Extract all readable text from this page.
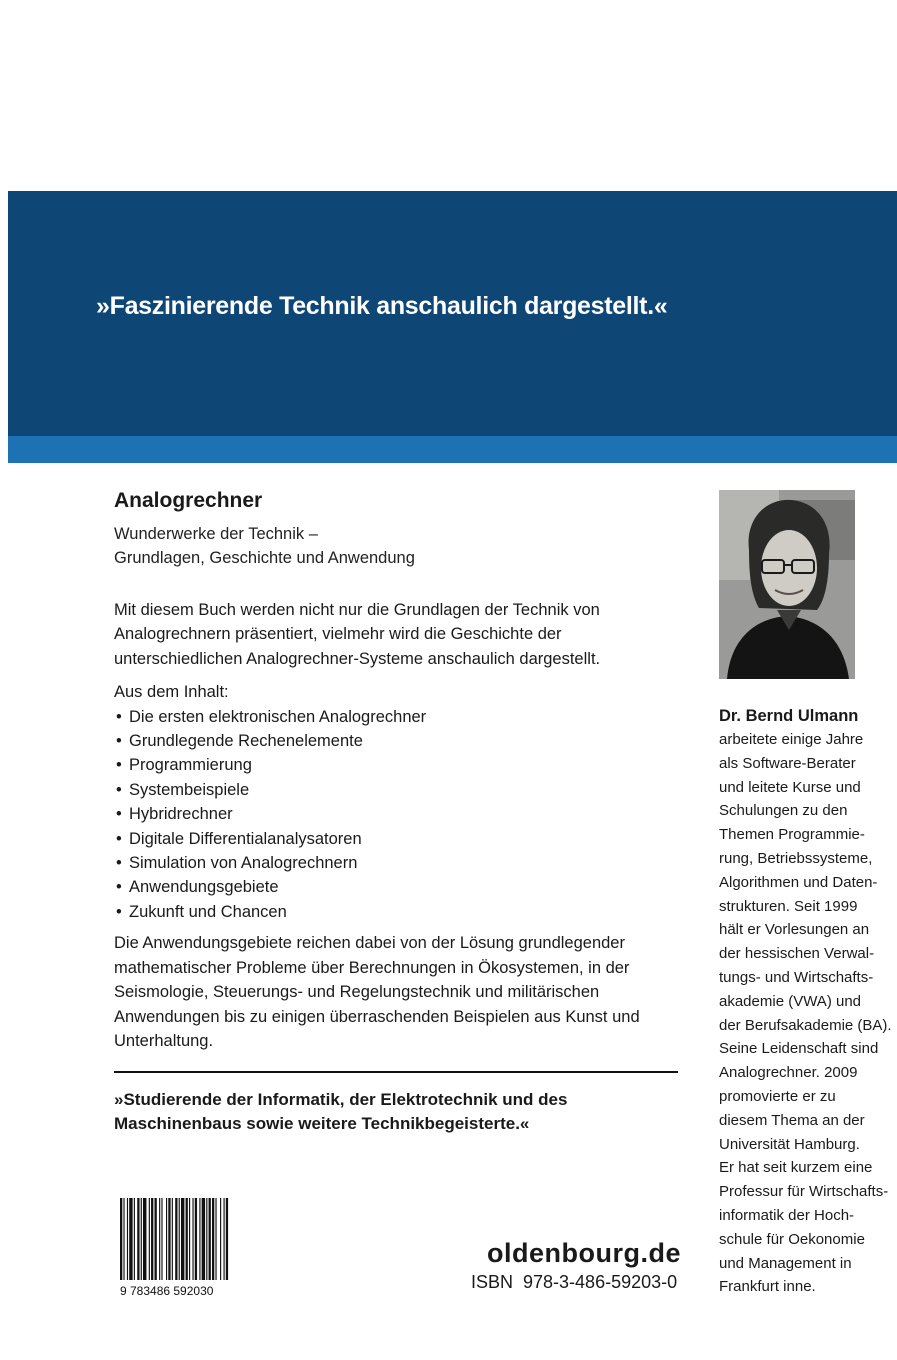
»Faszinierende Technik anschaulich dargestellt.«
Analogrechner
Wunderwerke der Technik –
Grundlagen, Geschichte und Anwendung

Mit diesem Buch werden nicht nur die Grundlagen der Technik von Analogrechnern präsentiert, vielmehr wird die Geschichte der unterschiedlichen Analogrechner-Systeme anschaulich dargestellt.

Aus dem Inhalt:

• Die ersten elektronischen Analogrechner
• Grundlegende Rechenelemente
• Programmierung
• Systembeispiele
• Hybridrechner
• Digitale Differentialanalysatoren
• Simulation von Analogrechnern
• Anwendungsgebiete
• Zukunft und Chancen

Die Anwendungsgebiete reichen dabei von der Lösung grundlegender mathematischer Probleme über Berechnungen in Ökosystemen, in der Seismologie, Steuerungs- und Regelungstechnik und militärischen Anwendungen bis zu einigen überraschenden Beispielen aus Kunst und Unterhaltung.

»Studierende der Informatik, der Elektrotechnik und des
Maschinenbaus sowie weitere Technikbegeisterte.«
Dr. Bernd Ulmann
arbeitete einige Jahre
als Software-Berater
und leitete Kurse und
Schulungen zu den
Themen Programmie-
rung, Betriebssysteme,
Algorithmen und Daten-
strukturen. Seit 1999
hält er Vorlesungen an
der hessischen Verwal-
tungs- und Wirtschafts-
akademie (VWA) und
der Berufsakademie (BA).
Seine Leidenschaft sind
Analogrechner. 2009
promovierte er zu
diesem Thema an der
Universität Hamburg.
Er hat seit kurzem eine
Professur für Wirtschafts-
informatik der Hoch-
schule für Oekonomie
und Management in
Frankfurt inne.
9 783486 592030
oldenbourg.de
ISBN 978-3-486-59203-0
